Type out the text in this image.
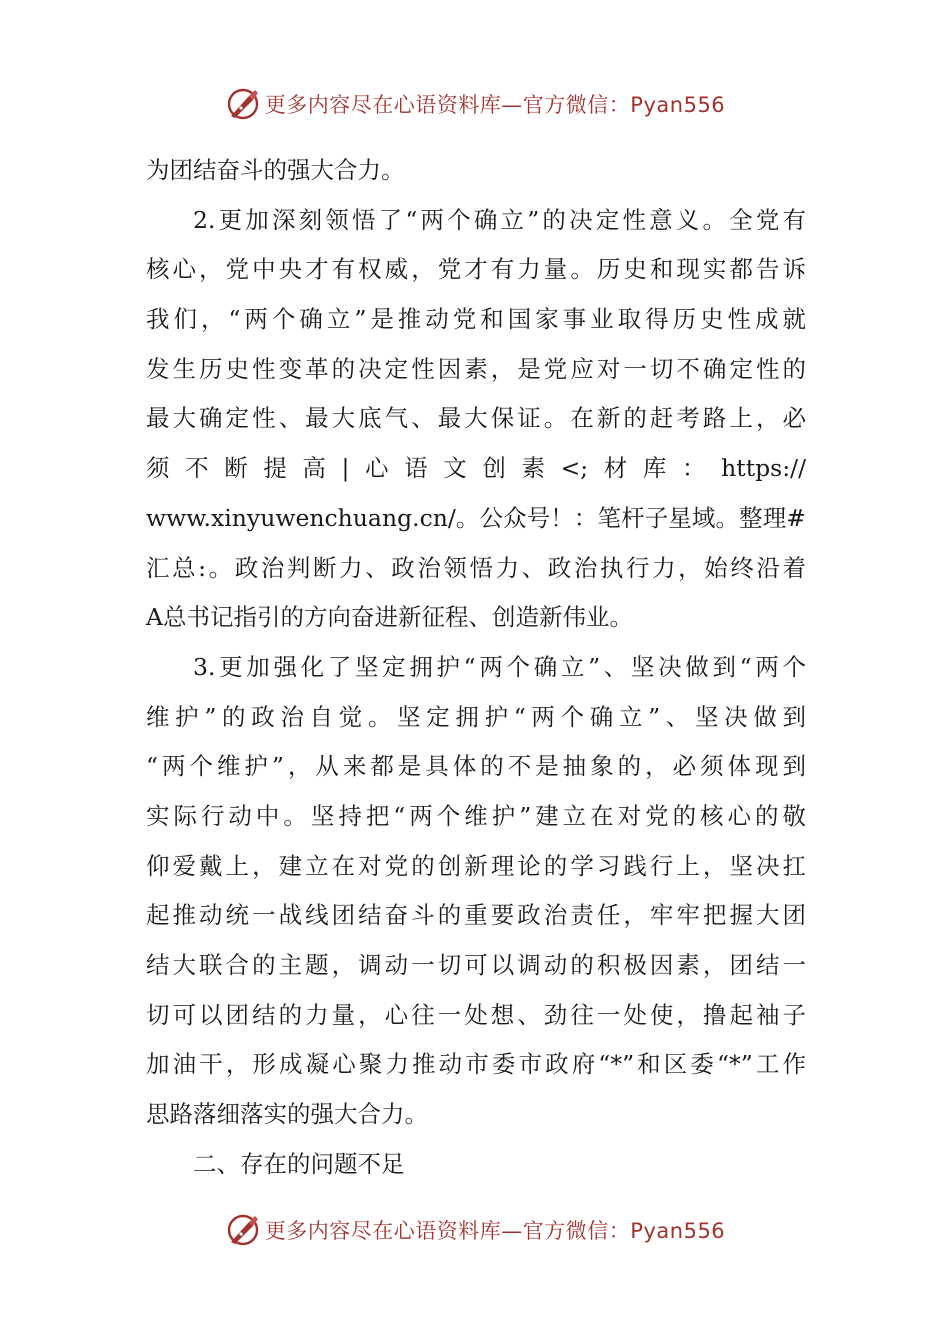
更多内容尽在心语资料库—官方微信：Pyan556
为团结奋斗的强大合力。
2.更加深刻领悟了“两个确立”的决定性意义。全党有
核心，党中央才有权威，党才有力量。历史和现实都告诉
我们，“两个确立”是推动党和国家事业取得历史性成就
发生历史性变革的决定性因素，是党应对一切不确定性的
最大确定性、最大底气、最大保证。在新的赶考路上，必
须不断提高|心语文创素<;材库：https://
www.xinyuwenchuang.cn/。公众号！：笔杆子星域。整理#
汇总:。政治判断力、政治领悟力、政治执行力，始终沿着
A总书记指引的方向奋进新征程、创造新伟业。
3.更加强化了坚定拥护“两个确立”、坚决做到“两个
维护”的政治自觉。坚定拥护“两个确立”、坚决做到
“两个维护”，从来都是具体的不是抽象的，必须体现到
实际行动中。坚持把“两个维护”建立在对党的核心的敬
仰爱戴上，建立在对党的创新理论的学习践行上，坚决扛
起推动统一战线团结奋斗的重要政治责任，牢牢把握大团
结大联合的主题，调动一切可以调动的积极因素，团结一
切可以团结的力量，心往一处想、劲往一处使，撸起袖子
加油干，形成凝心聚力推动市委市政府“*”和区委“*”工作
思路落细落实的强大合力。
二、存在的问题不足
更多内容尽在心语资料库—官方微信：Pyan556
